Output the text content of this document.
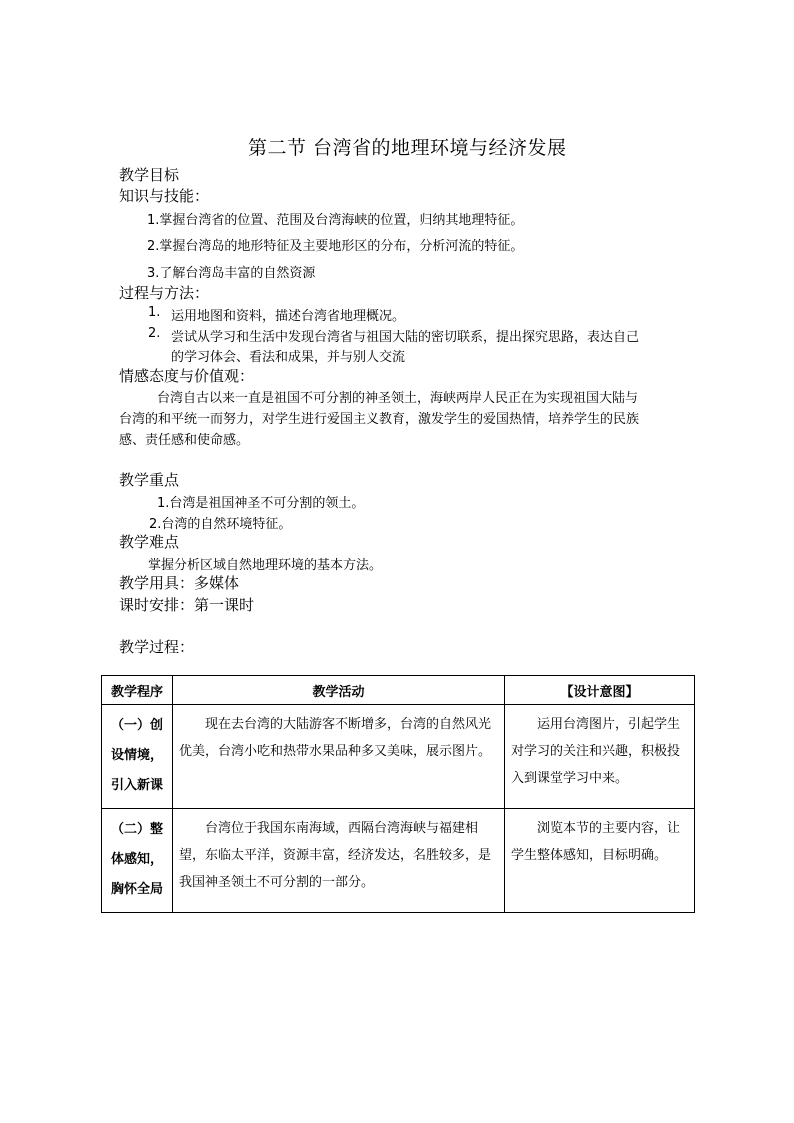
第二节 台湾省的地理环境与经济发展
教学目标
知识与技能：
1.掌握台湾省的位置、范围及台湾海峡的位置，归纳其地理特征。
2.掌握台湾岛的地形特征及主要地形区的分布，分析河流的特征。
3.了解台湾岛丰富的自然资源
过程与方法：
1. 运用地图和资料，描述台湾省地理概况。
2. 尝试从学习和生活中发现台湾省与祖国大陆的密切联系，提出探究思路，表达自己
的学习体会、看法和成果，并与别人交流
情感态度与价值观：
台湾自古以来一直是祖国不可分割的神圣领土，海峡两岸人民正在为实现祖国大陆与
台湾的和平统一而努力，对学生进行爱国主义教育，激发学生的爱国热情，培养学生的民族
感、责任感和使命感。
教学重点
1.台湾是祖国神圣不可分割的领土。
2.台湾的自然环境特征。
教学难点
掌握分析区域自然地理环境的基本方法。
教学用具：多媒体
课时安排：第一课时
教学过程：
教学程序	教学活动	【设计意图】

（一）创
设情境，
引入新课	现在去台湾的大陆游客不断增多，台湾的自然风光优美，台湾小吃和热带水果品种多又美味，展示图片。	运用台湾图片，引起学生对学习的关注和兴趣，积极投入到课堂学习中来。

（二）整
体感知，
胸怀全局	台湾位于我国东南海域，西隔台湾海峡与福建相望，东临太平洋，资源丰富，经济发达，名胜较多，是我国神圣领土不可分割的一部分。	浏览本节的主要内容，让学生整体感知，目标明确。
